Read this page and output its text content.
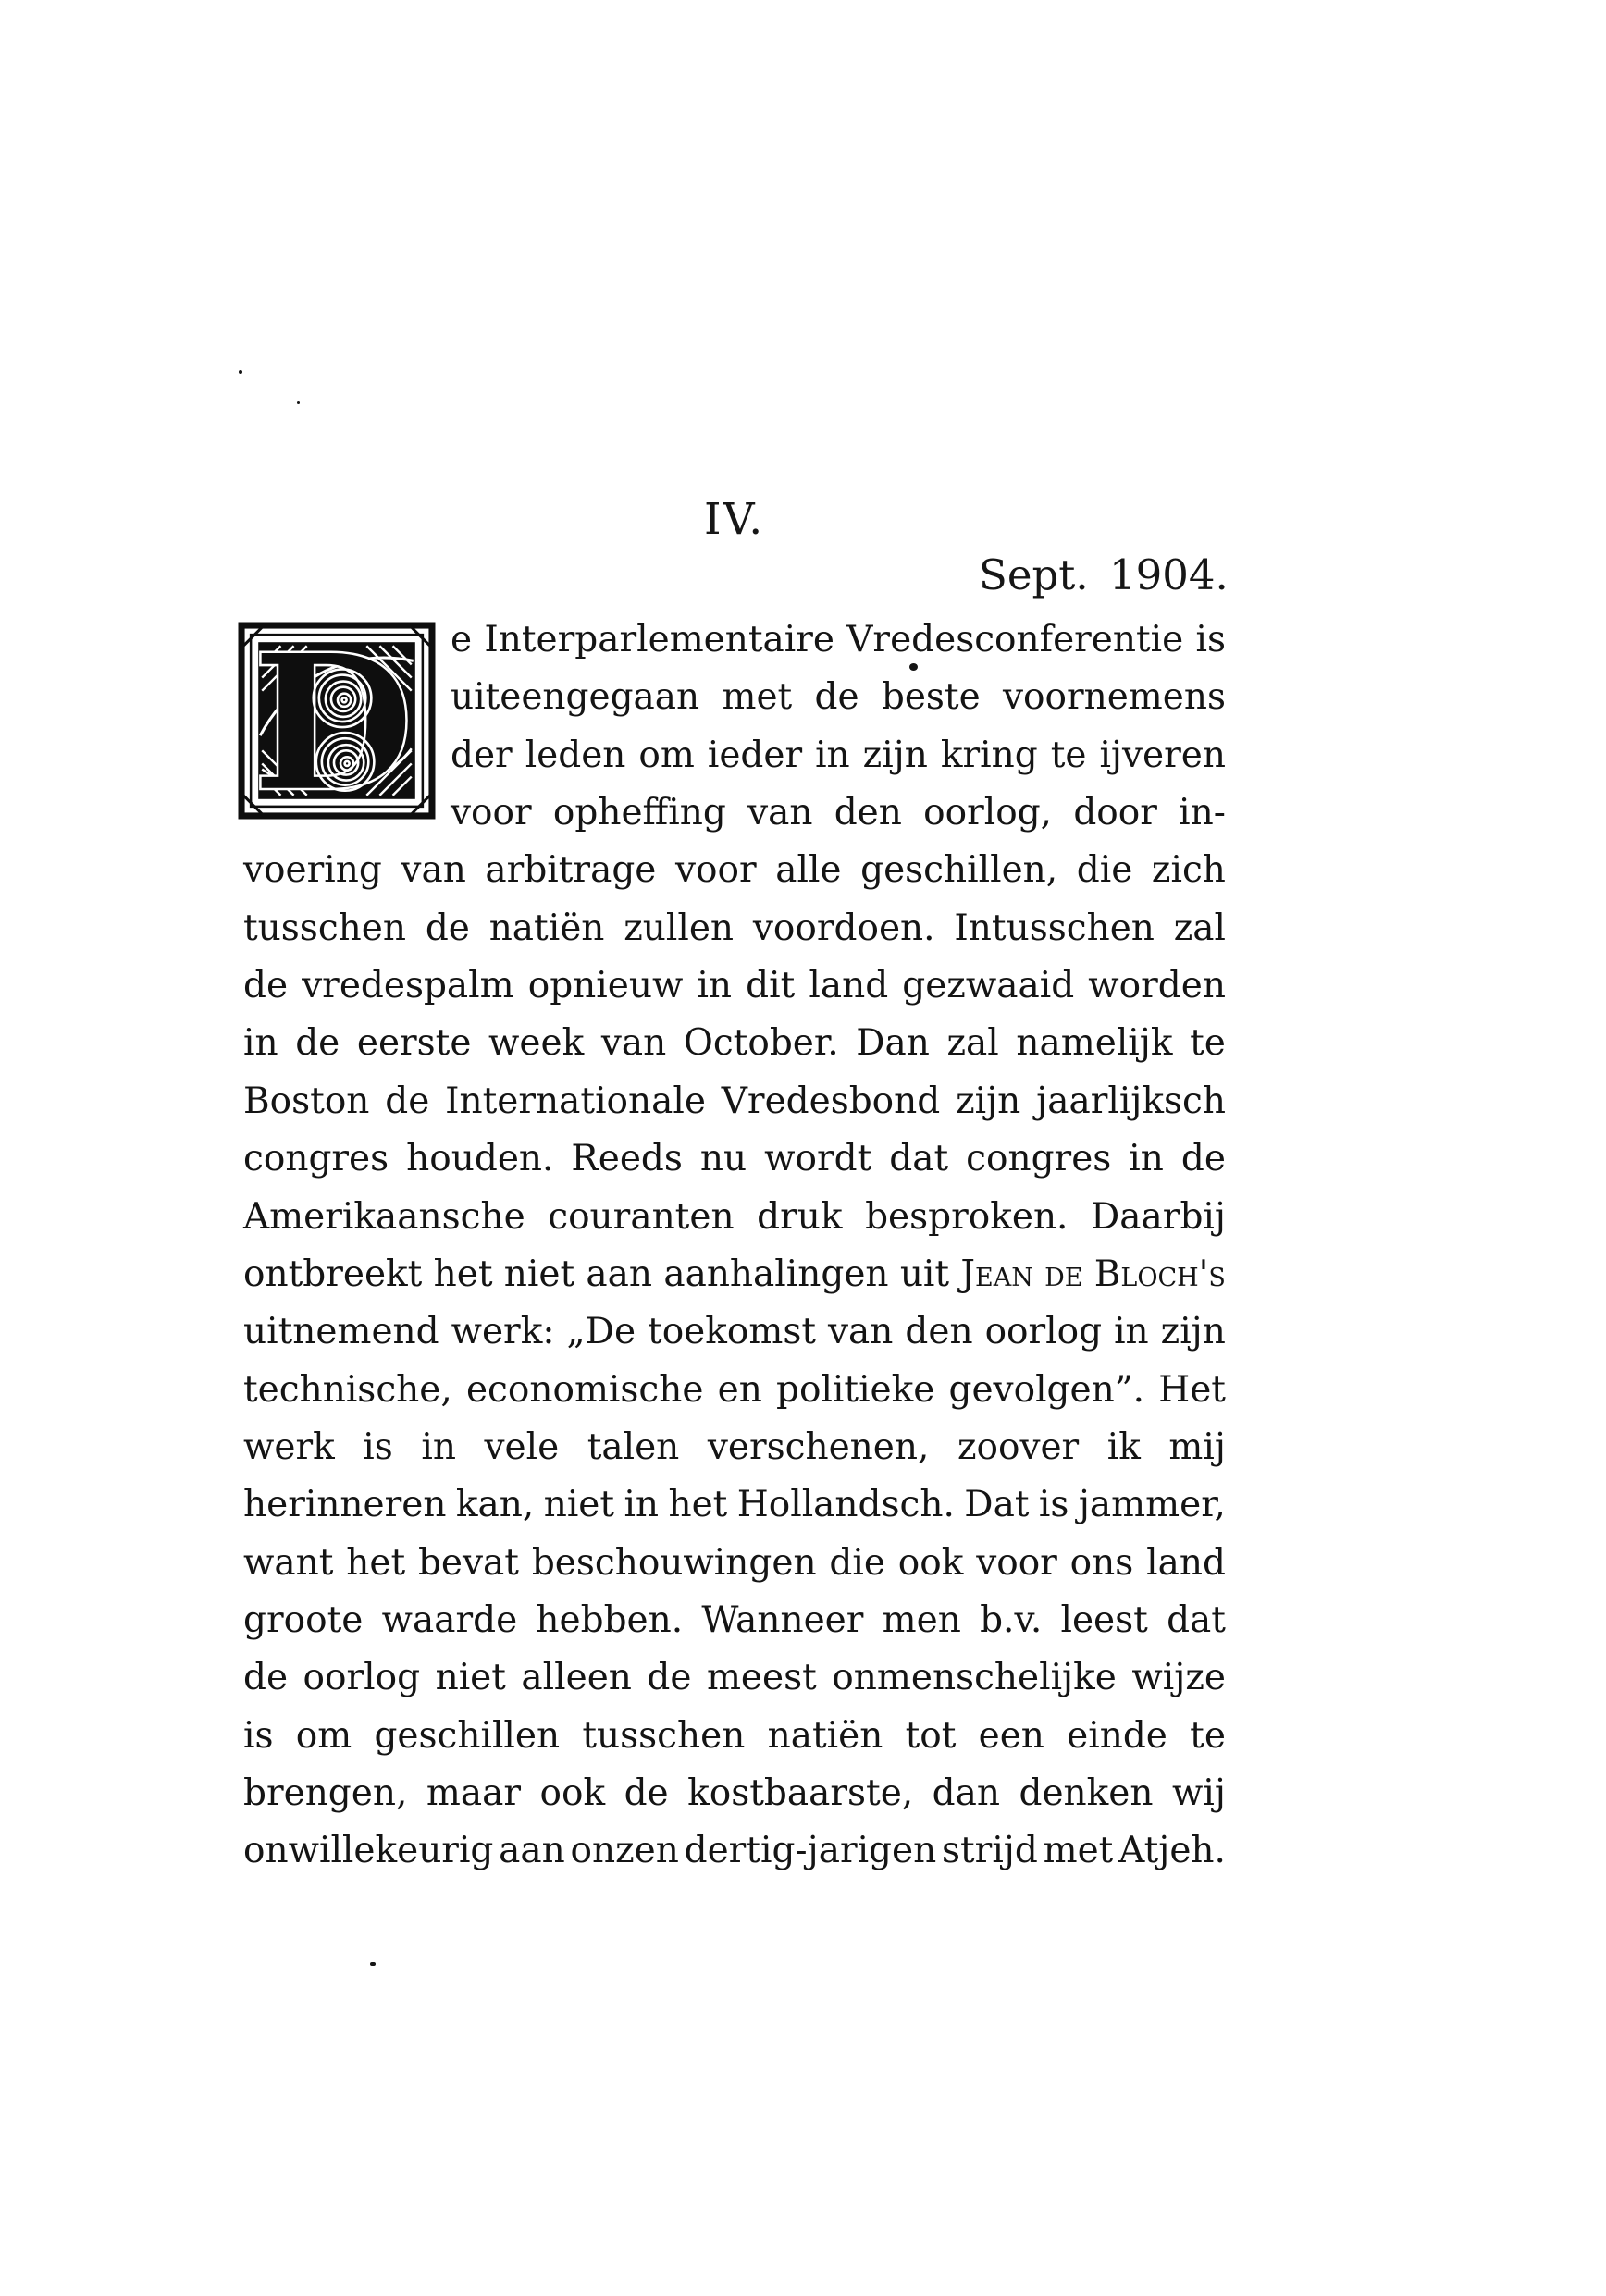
IV.
Sept. 1904.
D e Interparlementaire Vredesconferentie is
uiteengegaan met de beste voornemens
der leden om ieder in zijn kring te ijveren
voor opheffing van den oorlog, door in-
voering van arbitrage voor alle geschillen, die zich
tusschen de natiën zullen voordoen. Intusschen zal
de vredespalm opnieuw in dit land gezwaaid worden
in de eerste week van October. Dan zal namelijk te
Boston de Internationale Vredesbond zijn jaarlijksch
congres houden. Reeds nu wordt dat congres in de
Amerikaansche couranten druk besproken. Daarbij
ontbreekt het niet aan aanhalingen uit Jean de Bloch's
uitnemend werk: „De toekomst van den oorlog in zijn
technische, economische en politieke gevolgen”. Het
werk is in vele talen verschenen, zoover ik mij
herinneren kan, niet in het Hollandsch. Dat is jammer,
want het bevat beschouwingen die ook voor ons land
groote waarde hebben. Wanneer men b.v. leest dat
de oorlog niet alleen de meest onmenschelijke wijze
is om geschillen tusschen natiën tot een einde te
brengen, maar ook de kostbaarste, dan denken wij
onwillekeurig aan onzen dertig-jarigen strijd met Atjeh.
